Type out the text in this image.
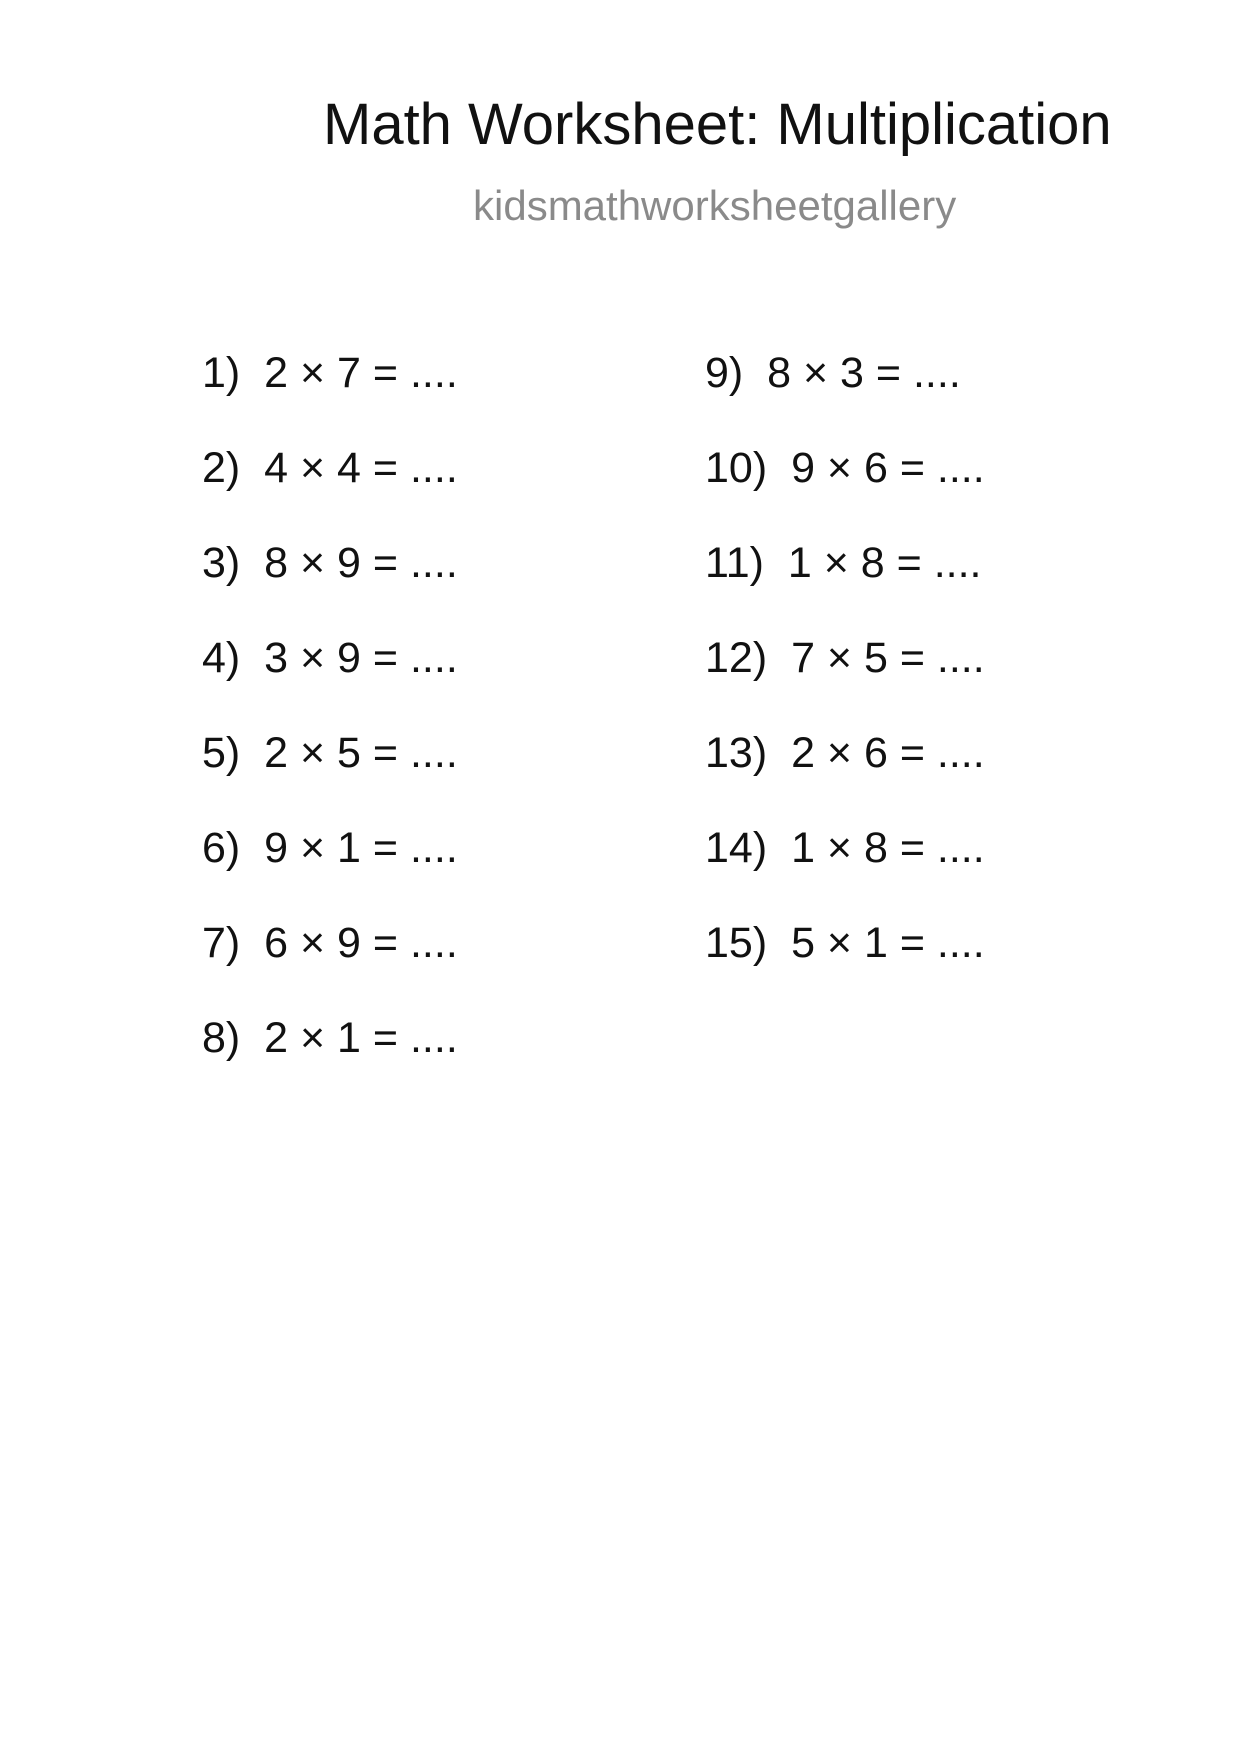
Math Worksheet: Multiplication
kidsmathworksheetgallery
1) 2 × 7 = ....
2) 4 × 4 = ....
3) 8 × 9 = ....
4) 3 × 9 = ....
5) 2 × 5 = ....
6) 9 × 1 = ....
7) 6 × 9 = ....
8) 2 × 1 = ....
9) 8 × 3 = ....
10) 9 × 6 = ....
11) 1 × 8 = ....
12) 7 × 5 = ....
13) 2 × 6 = ....
14) 1 × 8 = ....
15) 5 × 1 = ....
